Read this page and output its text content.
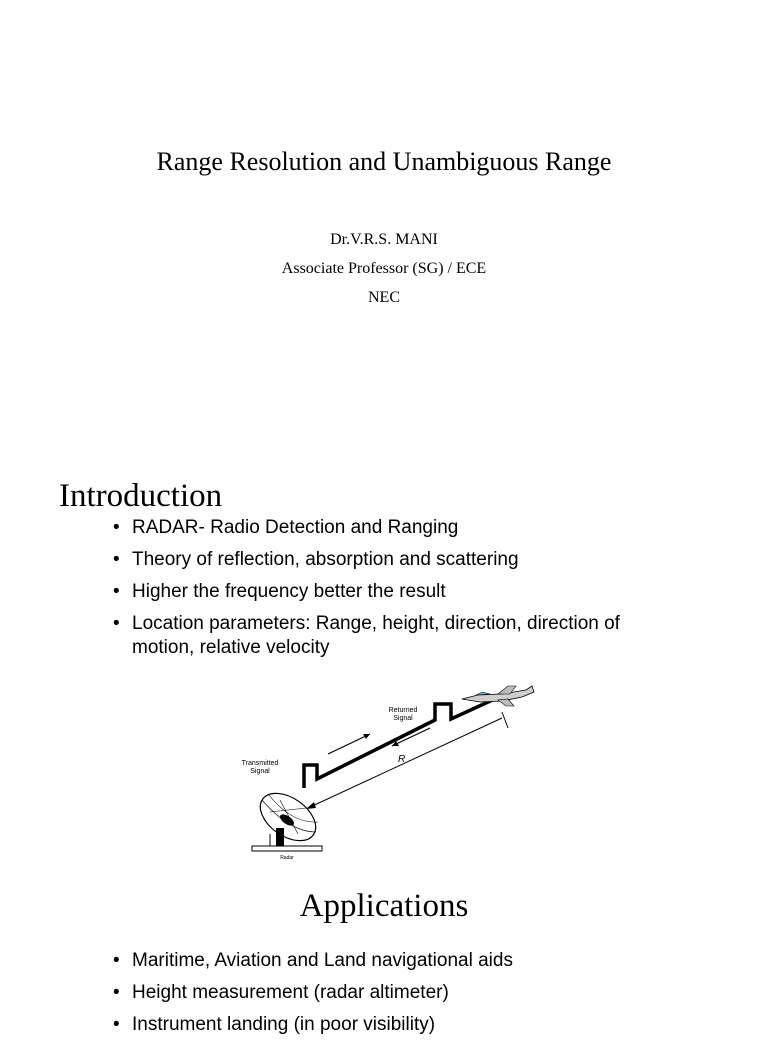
Range Resolution and Unambiguous Range
Dr.V.R.S. MANI
Associate Professor (SG) / ECE
NEC
Introduction
• RADAR- Radio Detection and Ranging
• Theory of reflection, absorption and scattering
• Higher the frequency better the result
• Location parameters: Range, height, direction, direction of motion, relative velocity
Returned
Signal
Transmitted
Signal
R
Radar
Applications
• Maritime, Aviation and Land navigational aids
• Height measurement (radar altimeter)
• Instrument landing (in poor visibility)
